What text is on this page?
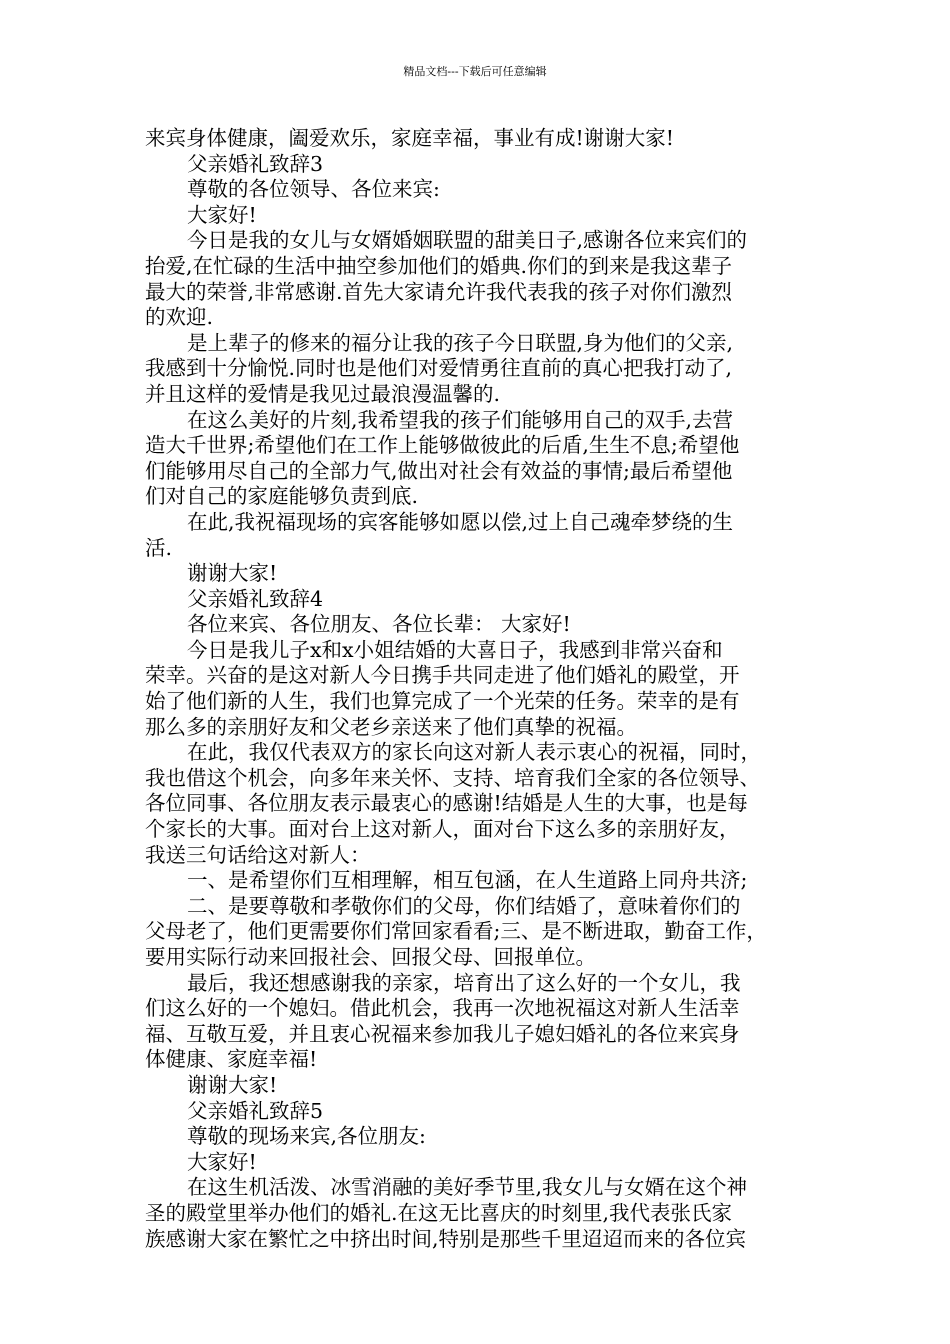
精品文档---下载后可任意编辑
来宾身体健康，阖爱欢乐，家庭幸福，事业有成!谢谢大家!
父亲婚礼致辞3
尊敬的各位领导、各位来宾:
大家好!
今日是我的女儿与女婿婚姻联盟的甜美日子,感谢各位来宾们的
抬爱,在忙碌的生活中抽空参加他们的婚典.你们的到来是我这辈子
最大的荣誉,非常感谢.首先大家请允许我代表我的孩子对你们激烈
的欢迎.
是上辈子的修来的福分让我的孩子今日联盟,身为他们的父亲,
我感到十分愉悦.同时也是他们对爱情勇往直前的真心把我打动了,
并且这样的爱情是我见过最浪漫温馨的.
在这么美好的片刻,我希望我的孩子们能够用自己的双手,去营
造大千世界;希望他们在工作上能够做彼此的后盾,生生不息;希望他
们能够用尽自己的全部力气,做出对社会有效益的事情;最后希望他
们对自己的家庭能够负责到底.
在此,我祝福现场的宾客能够如愿以偿,过上自己魂牵梦绕的生
活.
谢谢大家!
父亲婚礼致辞4
各位来宾、各位朋友、各位长辈： 大家好!
今日是我儿子x和x小姐结婚的大喜日子，我感到非常兴奋和
荣幸。兴奋的是这对新人今日携手共同走进了他们婚礼的殿堂，开
始了他们新的人生，我们也算完成了一个光荣的任务。荣幸的是有
那么多的亲朋好友和父老乡亲送来了他们真挚的祝福。
在此，我仅代表双方的家长向这对新人表示衷心的祝福，同时，
我也借这个机会，向多年来关怀、支持、培育我们全家的各位领导、
各位同事、各位朋友表示最衷心的感谢!结婚是人生的大事，也是每
个家长的大事。面对台上这对新人，面对台下这么多的亲朋好友，
我送三句话给这对新人：
一、是希望你们互相理解，相互包涵，在人生道路上同舟共济;
二、是要尊敬和孝敬你们的父母，你们结婚了，意味着你们的
父母老了，他们更需要你们常回家看看;三、是不断进取，勤奋工作，
要用实际行动来回报社会、回报父母、回报单位。
最后，我还想感谢我的亲家，培育出了这么好的一个女儿，我
们这么好的一个媳妇。借此机会，我再一次地祝福这对新人生活幸
福、互敬互爱，并且衷心祝福来参加我儿子媳妇婚礼的各位来宾身
体健康、家庭幸福!
谢谢大家!
父亲婚礼致辞5
尊敬的现场来宾,各位朋友:
大家好!
在这生机活泼、冰雪消融的美好季节里,我女儿与女婿在这个神
圣的殿堂里举办他们的婚礼.在这无比喜庆的时刻里,我代表张氏家
族感谢大家在繁忙之中挤出时间,特别是那些千里迢迢而来的各位宾
